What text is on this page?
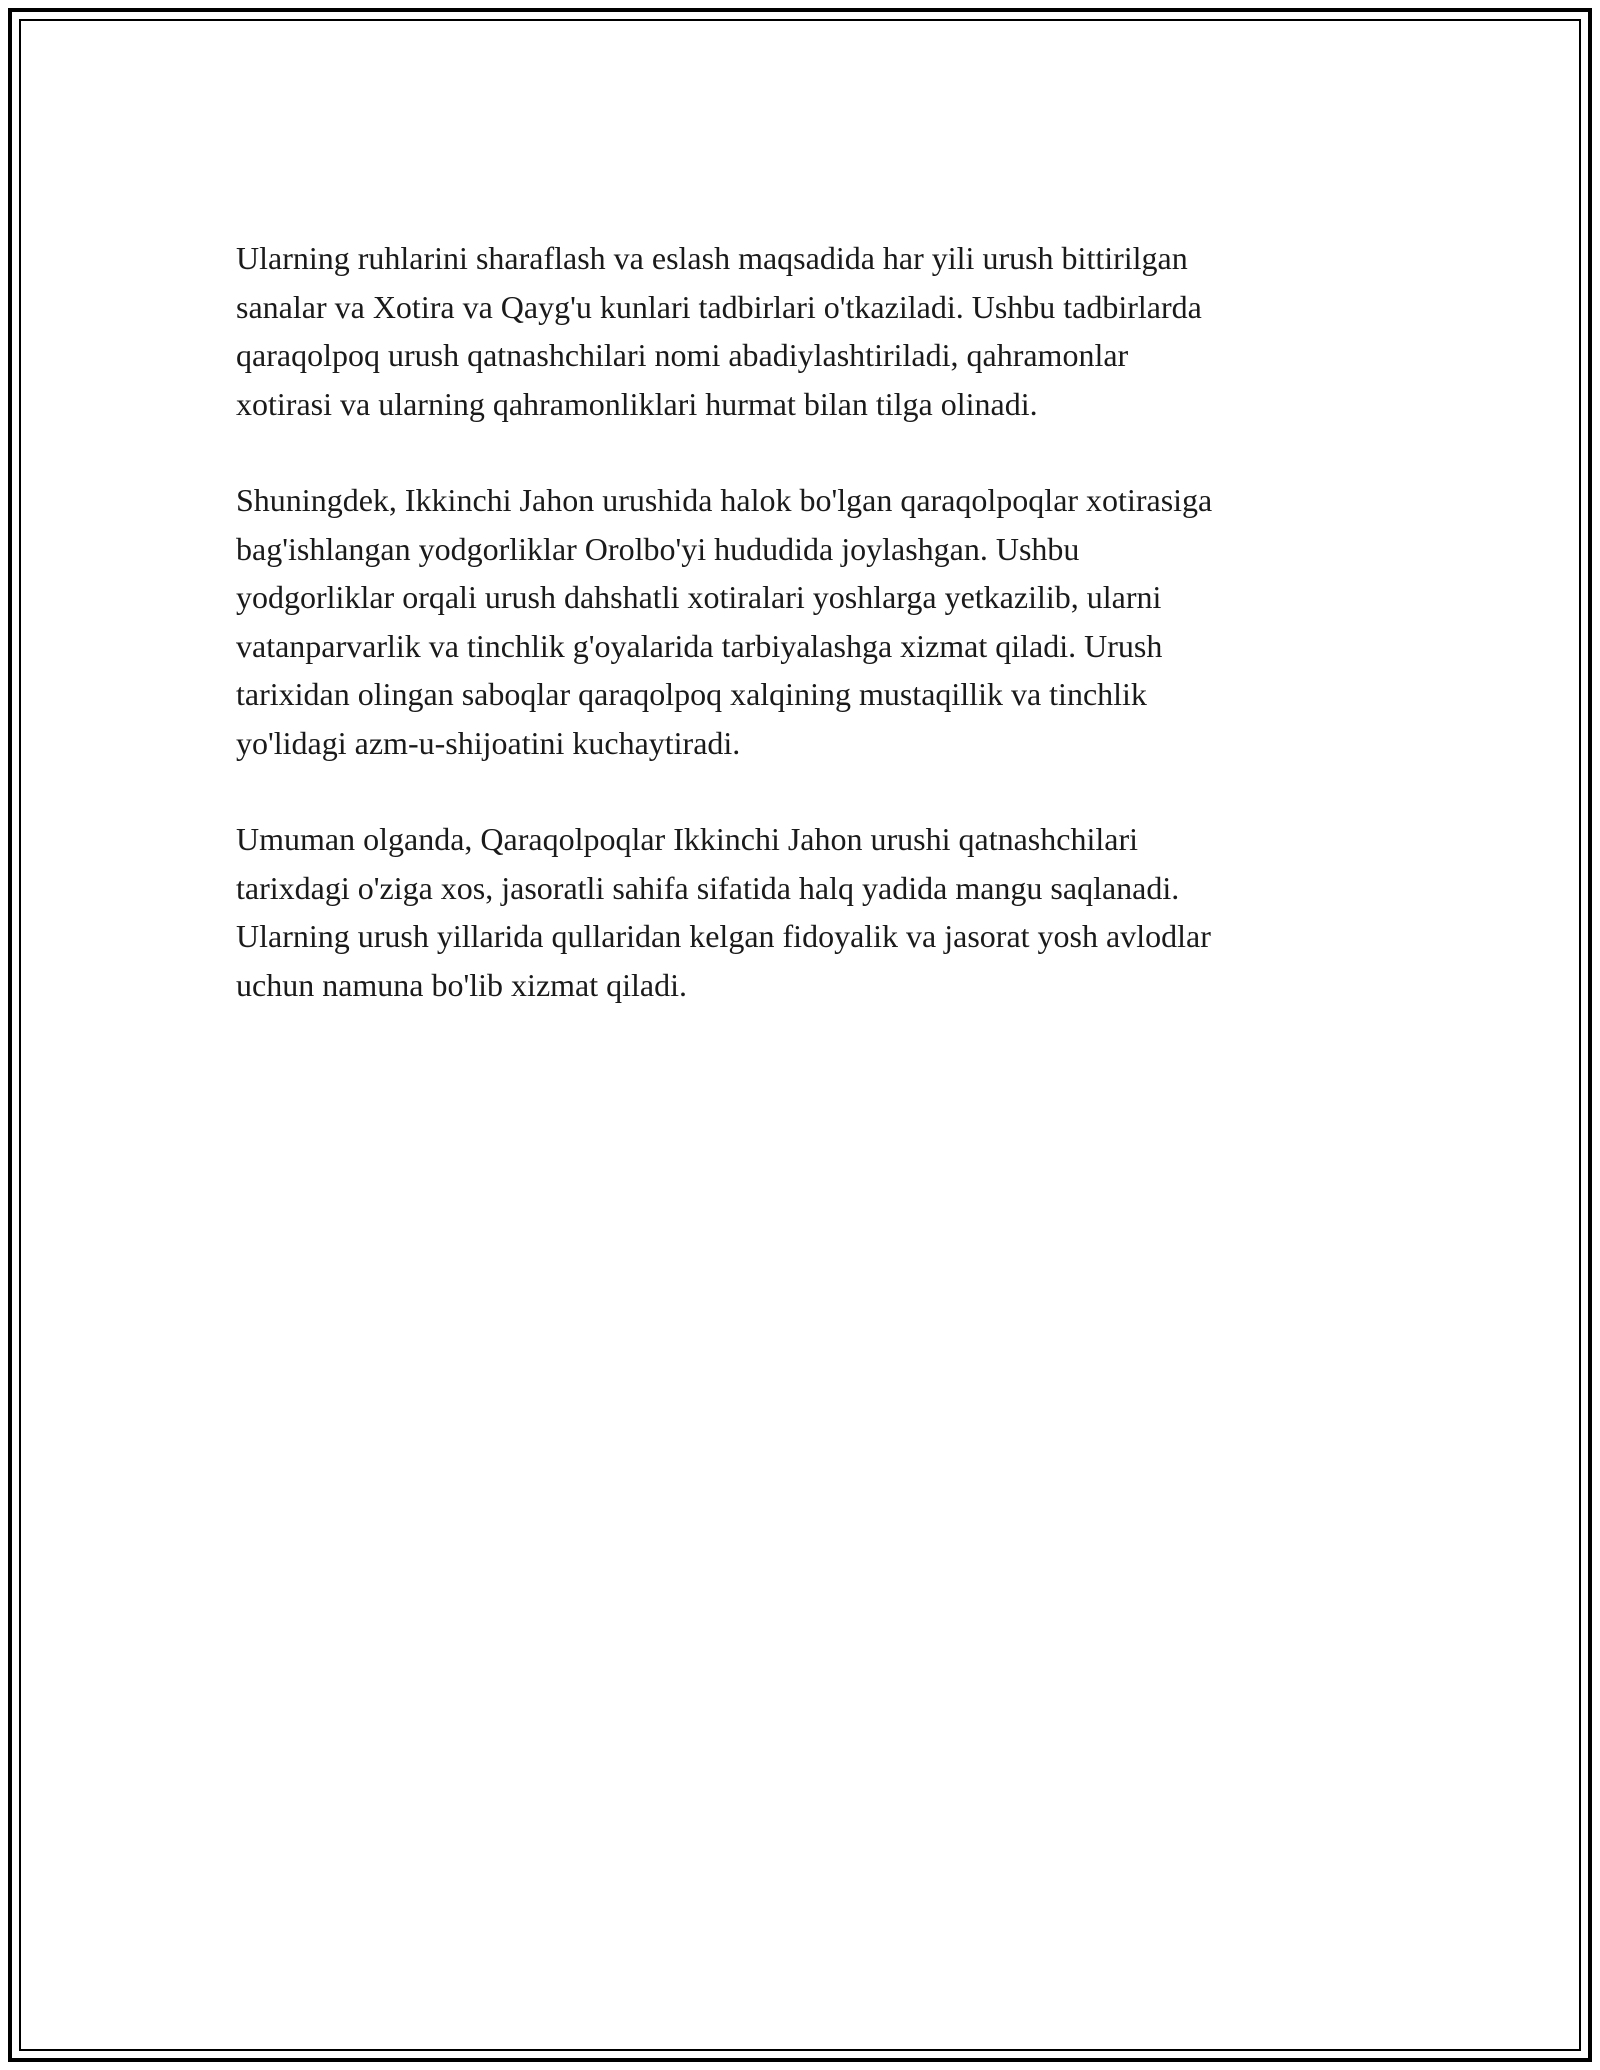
Ularning ruhlarini sharaflash va eslash maqsadida har yili urush bittirilgan
sanalar va Xotira va Qayg'u kunlari tadbirlari o'tkaziladi. Ushbu tadbirlarda
qaraqolpoq urush qatnashchilari nomi abadiylashtiriladi, qahramonlar
xotirasi va ularning qahramonliklari hurmat bilan tilga olinadi.

Shuningdek, Ikkinchi Jahon urushida halok bo'lgan qaraqolpoqlar xotirasiga
bag'ishlangan yodgorliklar Orolbo'yi hududida joylashgan. Ushbu
yodgorliklar orqali urush dahshatli xotiralari yoshlarga yetkazilib, ularni
vatanparvarlik va tinchlik g'oyalarida tarbiyalashga xizmat qiladi. Urush
tarixidan olingan saboqlar qaraqolpoq xalqining mustaqillik va tinchlik
yo'lidagi azm-u-shijoatini kuchaytiradi.

Umuman olganda, Qaraqolpoqlar Ikkinchi Jahon urushi qatnashchilari
tarixdagi o'ziga xos, jasoratli sahifa sifatida halq yadida mangu saqlanadi.
Ularning urush yillarida qullaridan kelgan fidoyalik va jasorat yosh avlodlar
uchun namuna bo'lib xizmat qiladi.
